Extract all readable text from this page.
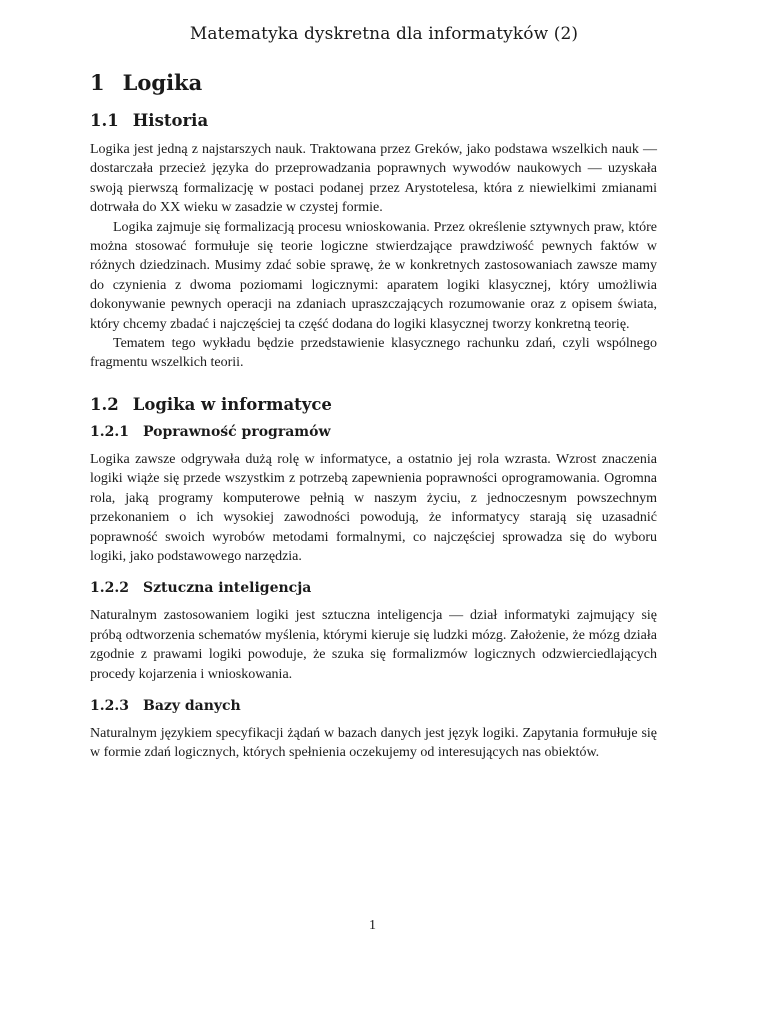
Matematyka dyskretna dla informatyków (2)
1 Logika
1.1 Historia

Logika jest jedną z najstarszych nauk. Traktowana przez Greków, jako podstawa wszelkich nauk — dostarczała przecież języka do przeprowadzania poprawnych wywodów naukowych — uzyskała swoją pierwszą formalizację w postaci podanej przez Arystotelesa, która z niewielkimi zmianami dotrwała do XX wieku w zasadzie w czystej formie.

Logika zajmuje się formalizacją procesu wnioskowania. Przez określenie sztywnych praw, które można stosować formułuje się teorie logiczne stwierdzające prawdziwość pewnych faktów w różnych dziedzinach. Musimy zdać sobie sprawę, że w konkretnych zastosowaniach zawsze mamy do czynienia z dwoma poziomami logicznymi: aparatem logiki klasycznej, który umożliwia dokonywanie pewnych operacji na zdaniach upraszczających rozumowanie oraz z opisem świata, który chcemy zbadać i najczęściej ta część dodana do logiki klasycznej tworzy konkretną teorię.

Tematem tego wykładu będzie przedstawienie klasycznego rachunku zdań, czyli wspólnego fragmentu wszelkich teorii.

1.2 Logika w informatyce
1.2.1 Poprawność programów

Logika zawsze odgrywała dużą rolę w informatyce, a ostatnio jej rola wzrasta. Wzrost znaczenia logiki wiąże się przede wszystkim z potrzebą zapewnienia poprawności oprogramowania. Ogromna rola, jaką programy komputerowe pełnią w naszym życiu, z jednoczesnym powszechnym przekonaniem o ich wysokiej zawodności powodują, że informatycy starają się uzasadnić poprawność swoich wyrobów metodami formalnymi, co najczęściej sprowadza się do wyboru logiki, jako podstawowego narzędzia.

1.2.2 Sztuczna inteligencja

Naturalnym zastosowaniem logiki jest sztuczna inteligencja — dział informatyki zajmujący się próbą odtworzenia schematów myślenia, którymi kieruje się ludzki mózg. Założenie, że mózg działa zgodnie z prawami logiki powoduje, że szuka się formalizmów logicznych odzwierciedlających procedy kojarzenia i wnioskowania.

1.2.3 Bazy danych

Naturalnym językiem specyfikacji żądań w bazach danych jest język logiki. Zapytania formułuje się w formie zdań logicznych, których spełnienia oczekujemy od interesujących nas obiektów.

1
